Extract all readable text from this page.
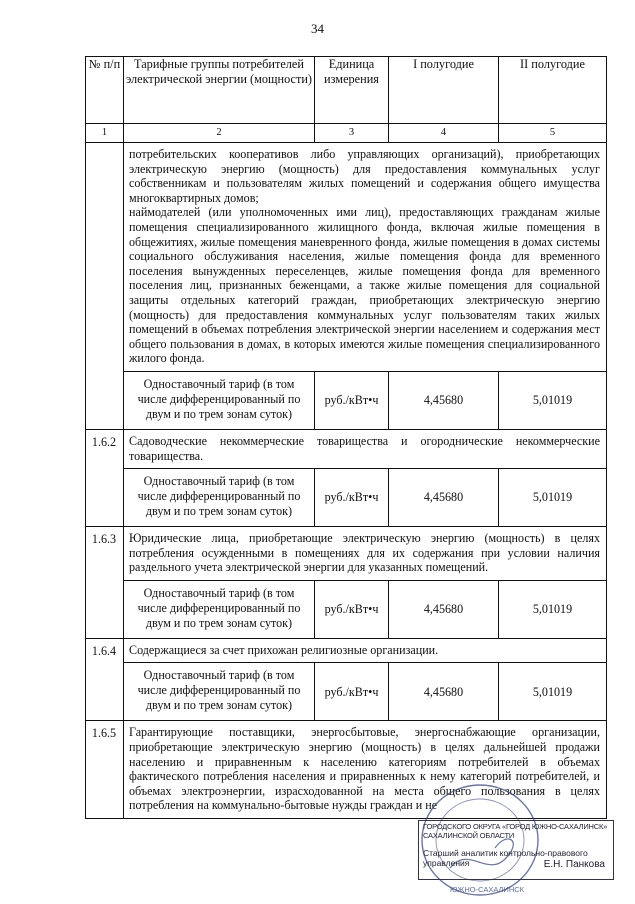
34
№ п/п	Тарифные группы потребителей электрической энергии (мощности)	Единица измерения	I полугодие	II полугодие
1	2	3	4	5

	потребительских кооперативов либо управляющих организаций), приобретающих электрическую энергию (мощность) для предоставления коммунальных услуг собственникам и пользователям жилых помещений и содержания общего имущества многоквартирных домов;

наймодателей (или уполномоченных ими лиц), предоставляющих гражданам жилые помещения специализированного жилищного фонда, включая жилые помещения в общежитиях, жилые помещения маневренного фонда, жилые помещения в домах системы социального обслуживания населения, жилые помещения фонда для временного поселения вынужденных переселенцев, жилые помещения фонда для временного поселения лиц, признанных беженцами, а также жилые помещения для социальной защиты отдельных категорий граждан, приобретающих электрическую энергию (мощность) для предоставления коммунальных услуг пользователям таких жилых помещений в объемах потребления электрической энергии населением и содержания мест общего пользования в домах, в которых имеются жилые помещения специализированного жилого фонда.			

	Одноставочный тариф (в том числе дифференцированный по двум и по трем зонам суток)	руб./кВт•ч	4,45680	5,01019
1.6.2	Садоводческие некоммерческие товарищества и огороднические некоммерческие товарищества.			
	Одноставочный тариф (в том числе дифференцированный по двум и по трем зонам суток)	руб./кВт•ч	4,45680	5,01019
1.6.3	Юридические лица, приобретающие электрическую энергию (мощность) в целях потребления осужденными в помещениях для их содержания при условии наличия раздельного учета электрической энергии для указанных помещений.			
	Одноставочный тариф (в том числе дифференцированный по двум и по трем зонам суток)	руб./кВт•ч	4,45680	5,01019
1.6.4	Содержащиеся за счет прихожан религиозные организации.			
	Одноставочный тариф (в том числе дифференцированный по двум и по трем зонам суток)	руб./кВт•ч	4,45680	5,01019
1.6.5	Гарантирующие поставщики, энергосбытовые, энергоснабжающие организации, приобретающие электрическую энергию (мощность) в целях дальнейшей продажи населению и приравненным к населению категориям потребителей в объемах фактического потребления населения и приравненных к нему категорий потребителей, и объемах электроэнергии, израсходованной на места общего пользования в целях потребления на коммунально-бытовые нужды граждан и не			
ЮЖНО-САХАЛИНСК
ГОРОДСКОГО ОКРУГА «ГОРОД ЮЖНО-САХАЛИНСК» САХАЛИНСКОЙ ОБЛАСТИ
Старший аналитик контрольно-правового управления	Е.Н. Панкова
